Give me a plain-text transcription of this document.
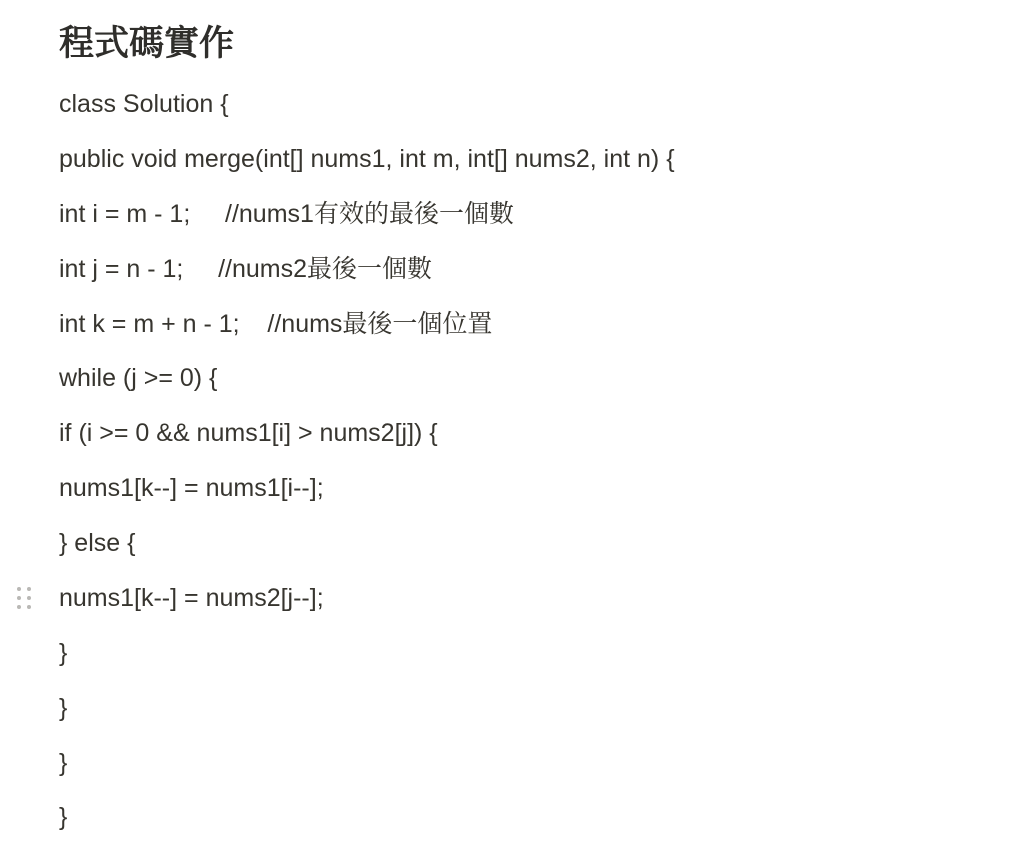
程式碼實作
class Solution {
public void merge(int[] nums1, int m, int[] nums2, int n) {
int i = m - 1;     //nums1有效的最後一個數
int j = n - 1;     //nums2最後一個數
int k = m + n - 1;    //nums最後一個位置
while (j >= 0) {
if (i >= 0 && nums1[i] > nums2[j]) {
nums1[k--] = nums1[i--];
} else {
nums1[k--] = nums2[j--];
}
}
}
}
